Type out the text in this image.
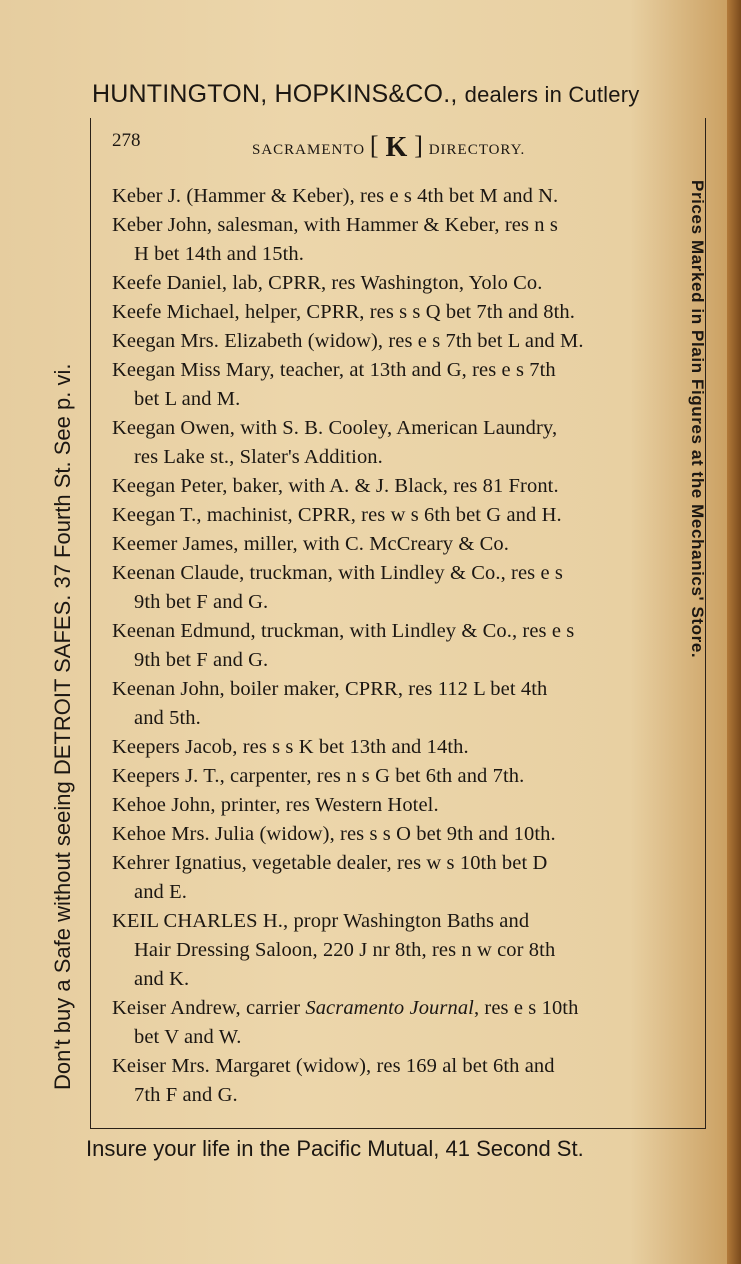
HUNTINGTON, HOPKINS&CO., dealers in Cutlery
Don't buy a Safe without seeing DETROIT SAFES. 37 Fourth St. See p. vi.	Prices Marked in Plain Figures at the Mechanics' Store.
278	SACRAMENTO [ K ] DIRECTORY.
Keber J. (Hammer & Keber), res e s 4th bet M and N.
Keber John, salesman, with Hammer & Keber, res n s
H bet 14th and 15th.
Keefe Daniel, lab, CPRR, res Washington, Yolo Co.
Keefe Michael, helper, CPRR, res s s Q bet 7th and 8th.
Keegan Mrs. Elizabeth (widow), res e s 7th bet L and M.
Keegan Miss Mary, teacher, at 13th and G, res e s 7th
bet L and M.
Keegan Owen, with S. B. Cooley, American Laundry,
res Lake st., Slater's Addition.
Keegan Peter, baker, with A. & J. Black, res 81 Front.
Keegan T., machinist, CPRR, res w s 6th bet G and H.
Keemer James, miller, with C. McCreary & Co.
Keenan Claude, truckman, with Lindley & Co., res e s
9th bet F and G.
Keenan Edmund, truckman, with Lindley & Co., res e s
9th bet F and G.
Keenan John, boiler maker, CPRR, res 112 L bet 4th
and 5th.
Keepers Jacob, res s s K bet 13th and 14th.
Keepers J. T., carpenter, res n s G bet 6th and 7th.
Kehoe John, printer, res Western Hotel.
Kehoe Mrs. Julia (widow), res s s O bet 9th and 10th.
Kehrer Ignatius, vegetable dealer, res w s 10th bet D
and E.
KEIL CHARLES H., propr Washington Baths and
Hair Dressing Saloon, 220 J nr 8th, res n w cor 8th
and K.
Keiser Andrew, carrier Sacramento Journal, res e s 10th
bet V and W.
Keiser Mrs. Margaret (widow), res 169 al bet 6th and
7th F and G.
Insure your life in the Pacific Mutual, 41 Second St.
